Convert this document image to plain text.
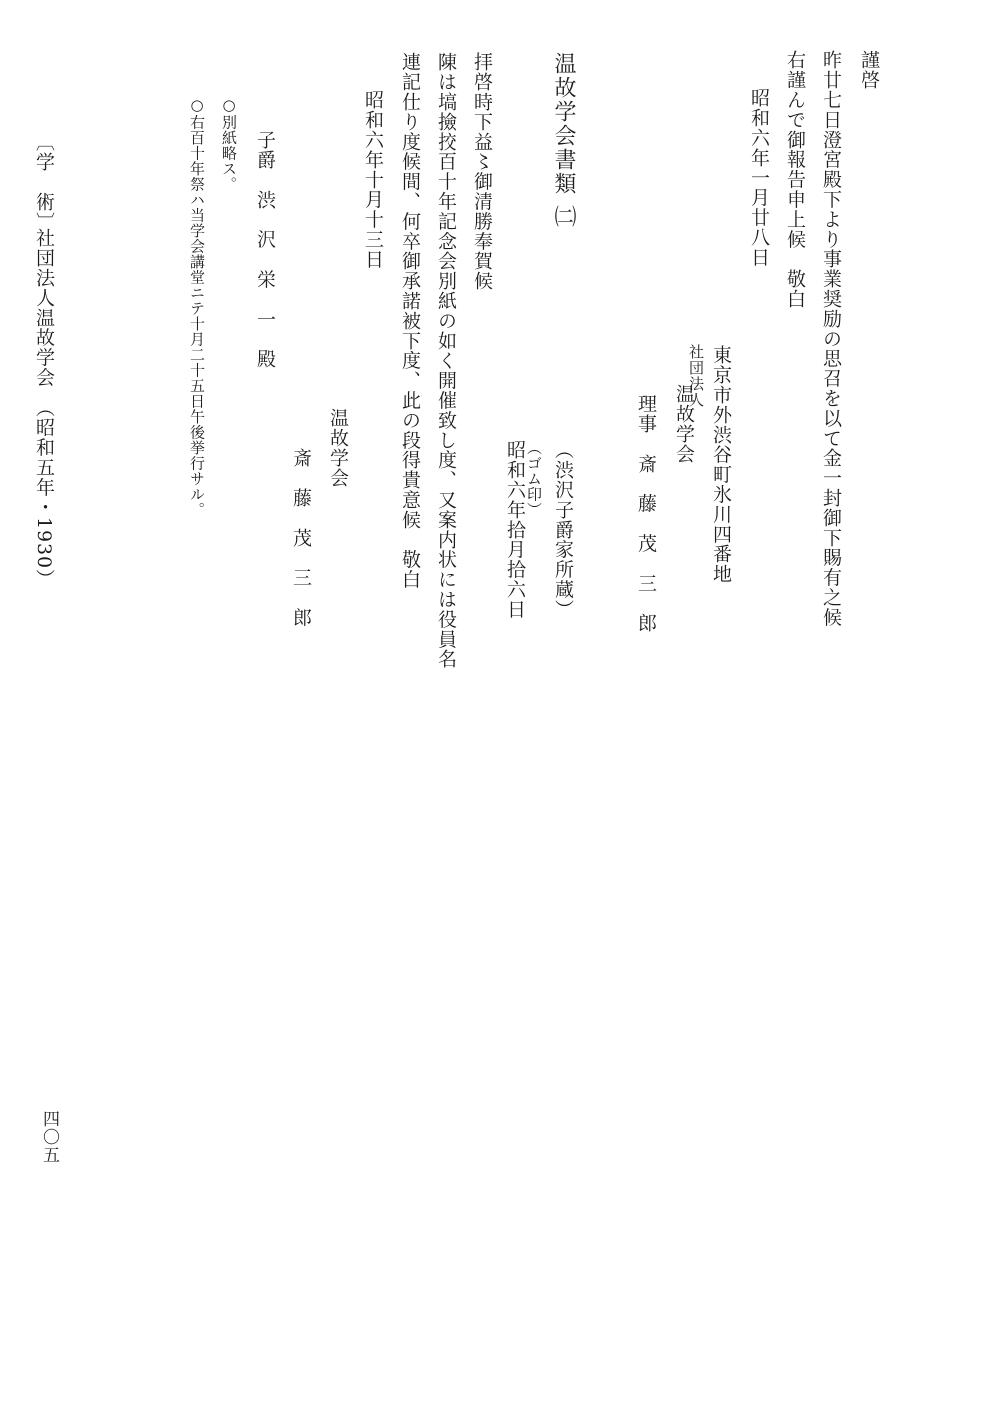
謹啓
昨廿七日澄宮殿下より事業奨励の思召を以て金一封御下賜有之候
右謹んで御報告申上候　敬白
昭和六年一月廿八日
東京市外渋谷町氷川四番地
社団法人
温故学会
理事　斎　藤　茂　三　郎
温故学会書類
㈡
（渋沢子爵家所蔵）
（ゴム印）
昭和六年拾月拾六日
拝啓時下益〻御清勝奉賀候
陳は塙撿挍百十年記念会別紙の如く開催致し度、又案内状には役員名
連記仕り度候間、何卒御承諾被下度、此の段得貴意候　敬白
昭和六年十月十三日
温故学会
斎　藤　茂　三　郎
子爵　渋　沢　栄　一　殿
○別紙略ス。
○右百十年祭ハ当学会講堂ニテ十月二十五日午後挙行サル。
〔学　術〕
社団法人温故学会　（昭和五年・1930）
四〇五
